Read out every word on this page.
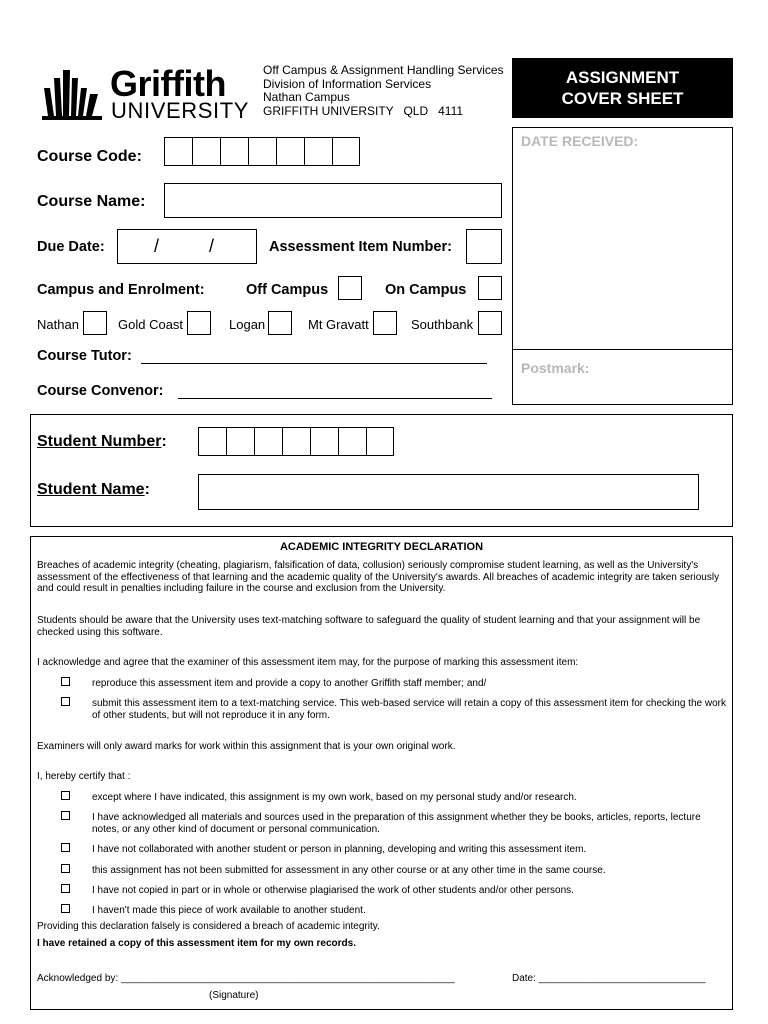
Griffith
UNIVERSITY
Off Campus & Assignment Handling Services
Division of Information Services
Nathan Campus
GRIFFITH UNIVERSITY   QLD   4111
ASSIGNMENT
COVER SHEET
DATE RECEIVED:
Postmark:
Course Code:
Course Name:
Due Date:	/          /	Assessment Item Number:
Campus and Enrolment:	Off Campus	On Campus
Nathan	Gold Coast	Logan	Mt Gravatt	Southbank
Course Tutor:
Course Convenor:
Student Number:
Student Name:
ACADEMIC INTEGRITY DECLARATION
Breaches of academic integrity (cheating, plagiarism, falsification of data, collusion) seriously compromise student learning, as well as the University's assessment of the effectiveness of that learning and the academic quality of the University's awards. All breaches of academic integrity are taken seriously and could result in penalties including failure in the course and exclusion from the University.
Students should be aware that the University uses text-matching software to safeguard the quality of student learning and that your assignment will be checked using this software.
I acknowledge and agree that the examiner of this assessment item may, for the purpose of marking this assessment item:
reproduce this assessment item and provide a copy to another Griffith staff member; and/
submit this assessment item to a text-matching service. This web-based service will retain a copy of this assessment item for checking the work of other students, but will not reproduce it in any form.
Examiners will only award marks for work within this assignment that is your own original work.
I, hereby certify that :
except where I have indicated, this assignment is my own work, based on my personal study and/or research.
I have acknowledged all materials and sources used in the preparation of this assignment whether they be books, articles, reports, lecture notes, or any other kind of document or personal communication.
I have not collaborated with another student or person in planning, developing and writing this assessment item.
this assignment has not been submitted for assessment in any other course or at any other time in the same course.
I have not copied in part or in whole or otherwise plagiarised the work of other students and/or other persons.
I haven't made this piece of work available to another student.
Providing this declaration falsely is considered a breach of academic integrity.
I have retained a copy of this assessment item for my own records.
Acknowledged by: ____________________________________________________________	Date: ______________________________
(Signature)
